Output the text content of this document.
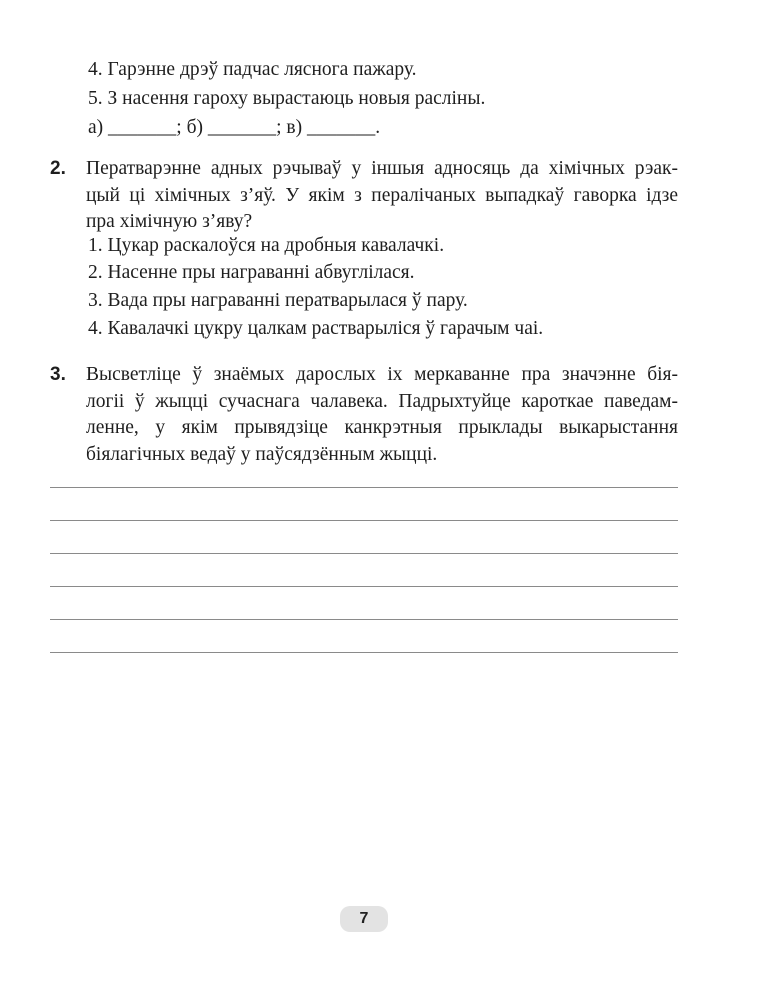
4. Гарэнне дрэў падчас ляснога пажару.
5. З насення гароху вырастаюць новыя расліны.
а) _______; б) _______; в) _______.
2. Ператварэнне адных рэчываў у іншыя адносяць да хімічных рэак-
цый ці хімічных з’яў. У якім з пералічаных выпадкаў гаворка ідзе
пра хімічную з’яву?
1. Цукар раскалоўся на дробныя кавалачкі.
2. Насенне пры награванні абвуглілася.
3. Вада пры награванні ператварылася ў пару.
4. Кавалачкі цукру цалкам растварыліся ў гарачым чаі.
3. Высветліце ў знаёмых дарослых іх меркаванне пра значэнне бія-
логіі ў жыцці сучаснага чалавека. Падрыхтуйце кароткае паведам-
ленне, у якім прывядзіце канкрэтныя прыклады выкарыстання
біялагічных ведаў у паўсядзённым жыцці.
7
